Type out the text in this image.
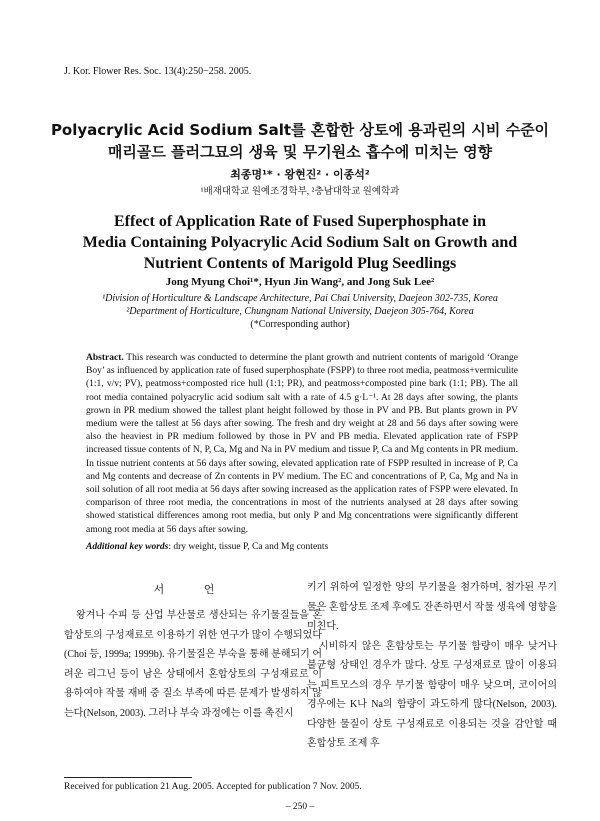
J. Kor. Flower Res. Soc. 13(4):250−258. 2005.
Polyacrylic Acid Sodium Salt를 혼합한 상토에 용과린의 시비 수준이
매리골드 플러그묘의 생육 및 무기원소 흡수에 미치는 영향
최종명¹* · 왕현진² · 이종석²
¹배재대학교 원예조경학부, ²충남대학교 원예학과
Effect of Application Rate of Fused Superphosphate in
Media Containing Polyacrylic Acid Sodium Salt on Growth and
Nutrient Contents of Marigold Plug Seedlings
Jong Myung Choi¹*, Hyun Jin Wang², and Jong Suk Lee²
¹Division of Horticulture & Landscape Architecture, Pai Chai University, Daejeon 302-735, Korea
²Department of Horticulture, Chungnam National University, Daejeon 305-764, Korea
(*Corresponding author)
Abstract. This research was conducted to determine the plant growth and nutrient contents of marigold ‘Orange Boy’ as influenced by application rate of fused superphosphate (FSPP) to three root media, peatmoss+vermiculite (1:1, v/v; PV), peatmoss+composted rice hull (1:1; PR), and peatmoss+composted pine bark (1:1; PB). The all root media contained polyacrylic acid sodium salt with a rate of 4.5 g·L⁻¹. At 28 days after sowing, the plants grown in PR medium showed the tallest plant height followed by those in PV and PB. But plants grown in PV medium were the tallest at 56 days after sowing. The fresh and dry weight at 28 and 56 days after sowing were also the heaviest in PR medium followed by those in PV and PB media. Elevated application rate of FSPP increased tissue contents of N, P, Ca, Mg and Na in PV medium and tissue P, Ca and Mg contents in PR medium. In tissue nutrient contents at 56 days after sowing, elevated application rate of FSPP resulted in increase of P, Ca and Mg contents and decrease of Zn contents in PV medium. The EC and concentrations of P, Ca, Mg and Na in soil solution of all root media at 56 days after sowing increased as the application rates of FSPP were elevated. In comparison of three root media, the concentrations in most of the nutrients analysed at 28 days after sowing showed statistical differences among root media, but only P and Mg concentrations were significantly different among root media at 56 days after sowing.
Additional key words: dry weight, tissue P, Ca and Mg contents
서 언

왕겨나 수피 등 산업 부산물로 생산되는 유기물질들을 혼합상토의 구성재료로 이용하기 위한 연구가 많이 수행되었다(Choi 등, 1999a; 1999b). 유기물질은 부숙을 통해 분해되기 어려운 리그닌 등이 남은 상태에서 혼합상토의 구성재료로 이용하여야 작물 재배 중 질소 부족에 따른 문제가 발생하지 않는다(Nelson, 2003). 그러나 부숙 과정에는 이를 촉진시

키기 위하여 일정한 양의 무기물을 첨가하며, 첨가된 무기물은 혼합상토 조제 후에도 잔존하면서 작물 생육에 영향을 미친다.

시비하지 않은 혼합상토는 무기물 함량이 매우 낮거나 불균형 상태인 경우가 많다. 상토 구성재료로 많이 이용되는 피트모스의 경우 무기물 함량이 매우 낮으며, 코이어의 경우에는 K나 Na의 함량이 과도하게 많다(Nelson, 2003). 다양한 물질이 상토 구성재료로 이용되는 것을 감안할 때 혼합상토 조제 후

Received for publication 21 Aug. 2005. Accepted for publication 7 Nov. 2005.
– 250 –
